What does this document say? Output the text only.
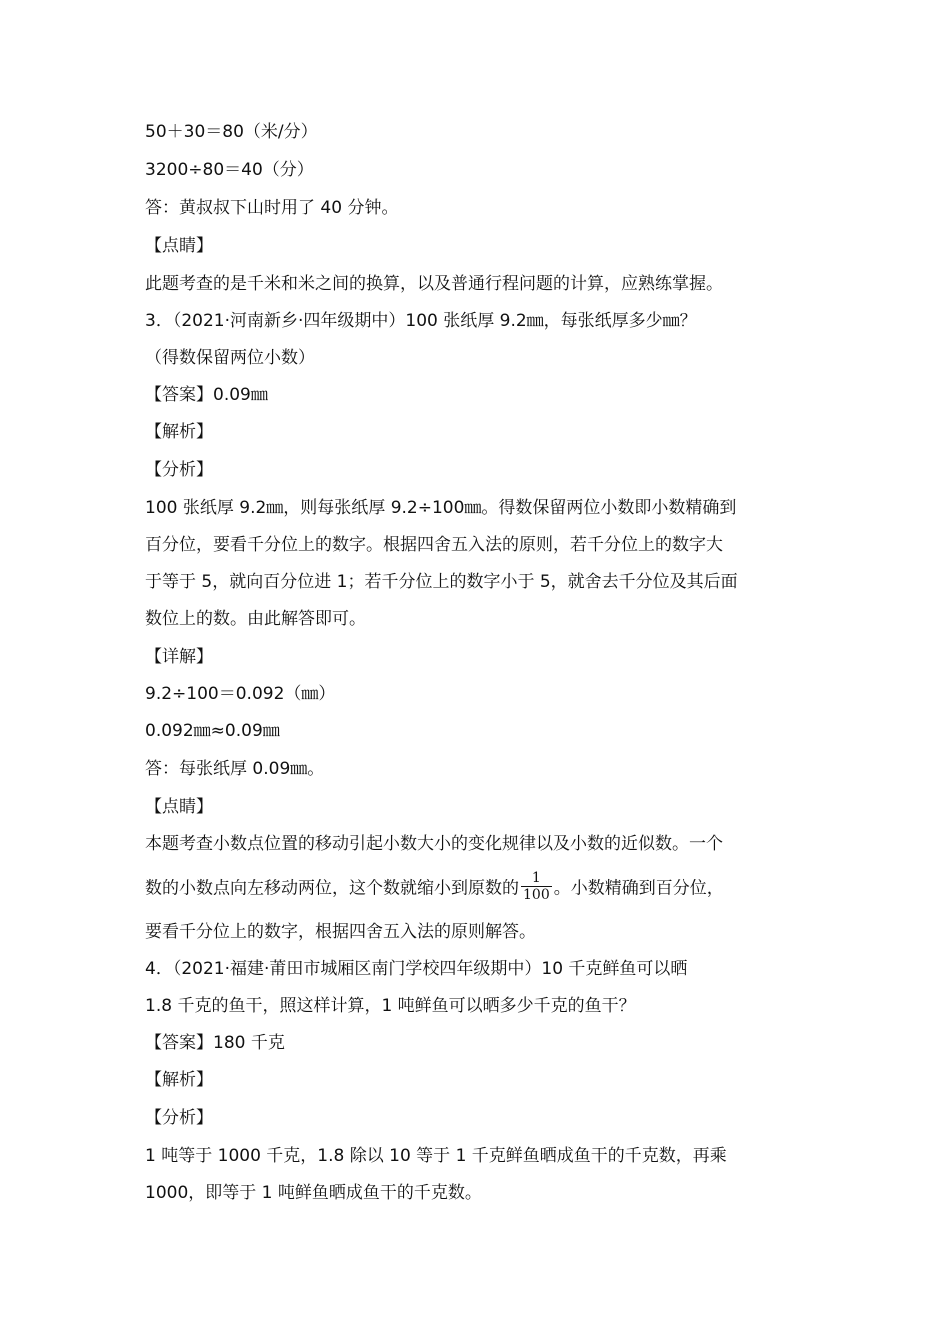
50＋30＝80（米/分）
3200÷80＝40（分）
答：黄叔叔下山时用了 40 分钟。
【点睛】
此题考查的是千米和米之间的换算，以及普通行程问题的计算，应熟练掌握。
3．（2021·河南新乡·四年级期中）100 张纸厚 9.2㎜，每张纸厚多少㎜？
（得数保留两位小数）
【答案】0.09㎜
【解析】
【分析】
100 张纸厚 9.2㎜，则每张纸厚 9.2÷100㎜。得数保留两位小数即小数精确到
百分位，要看千分位上的数字。根据四舍五入法的原则，若千分位上的数字大
于等于 5，就向百分位进 1；若千分位上的数字小于 5，就舍去千分位及其后面
数位上的数。由此解答即可。
【详解】
9.2÷100＝0.092（㎜）
0.092㎜≈0.09㎜
答：每张纸厚 0.09㎜。
【点睛】
本题考查小数点位置的移动引起小数大小的变化规律以及小数的近似数。一个
数的小数点向左移动两位，这个数就缩小到原数的 $\frac{1}{100}$ 。小数精确到百分位，
要看千分位上的数字，根据四舍五入法的原则解答。
4．（2021·福建·莆田市城厢区南门学校四年级期中）10 千克鲜鱼可以晒
1.8 千克的鱼干，照这样计算，1 吨鲜鱼可以晒多少千克的鱼干？
【答案】180 千克
【解析】
【分析】
1 吨等于 1000 千克，1.8 除以 10 等于 1 千克鲜鱼晒成鱼干的千克数，再乘
1000，即等于 1 吨鲜鱼晒成鱼干的千克数。
